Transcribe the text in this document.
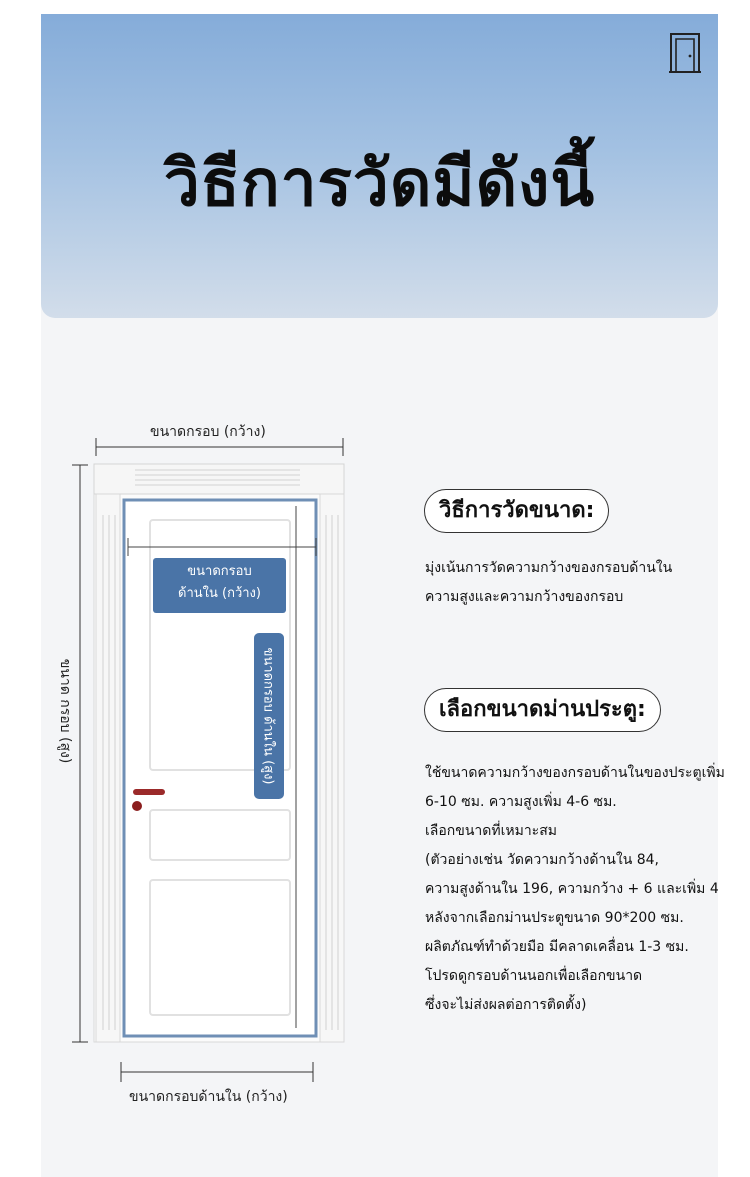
วิธีการวัดมีดังนี้
ขนาดกรอบ (กว้าง)
ขนาด กรอบ (สูง)
ขนาดกรอบ
ด้านใน (กว้าง)
ขนาดกรอบ ด้านใน (สูง)
ขนาดกรอบด้านใน (กว้าง)
วิธีการวัดขนาด:
มุ่งเน้นการวัดความกว้างของกรอบด้านใน
ความสูงและความกว้างของกรอบ
เลือกขนาดม่านประตู:
ใช้ขนาดความกว้างของกรอบด้านในของประตูเพิ่ม
6-10 ซม. ความสูงเพิ่ม 4-6 ซม.
เลือกขนาดที่เหมาะสม
(ตัวอย่างเช่น วัดความกว้างด้านใน 84,
ความสูงด้านใน 196, ความกว้าง + 6 และเพิ่ม 4
หลังจากเลือกม่านประตูขนาด 90*200 ซม.
ผลิตภัณฑ์ทำด้วยมือ มีคลาดเคลื่อน 1-3 ซม.
โปรดดูกรอบด้านนอกเพื่อเลือกขนาด
ซึ่งจะไม่ส่งผลต่อการติดตั้ง)
